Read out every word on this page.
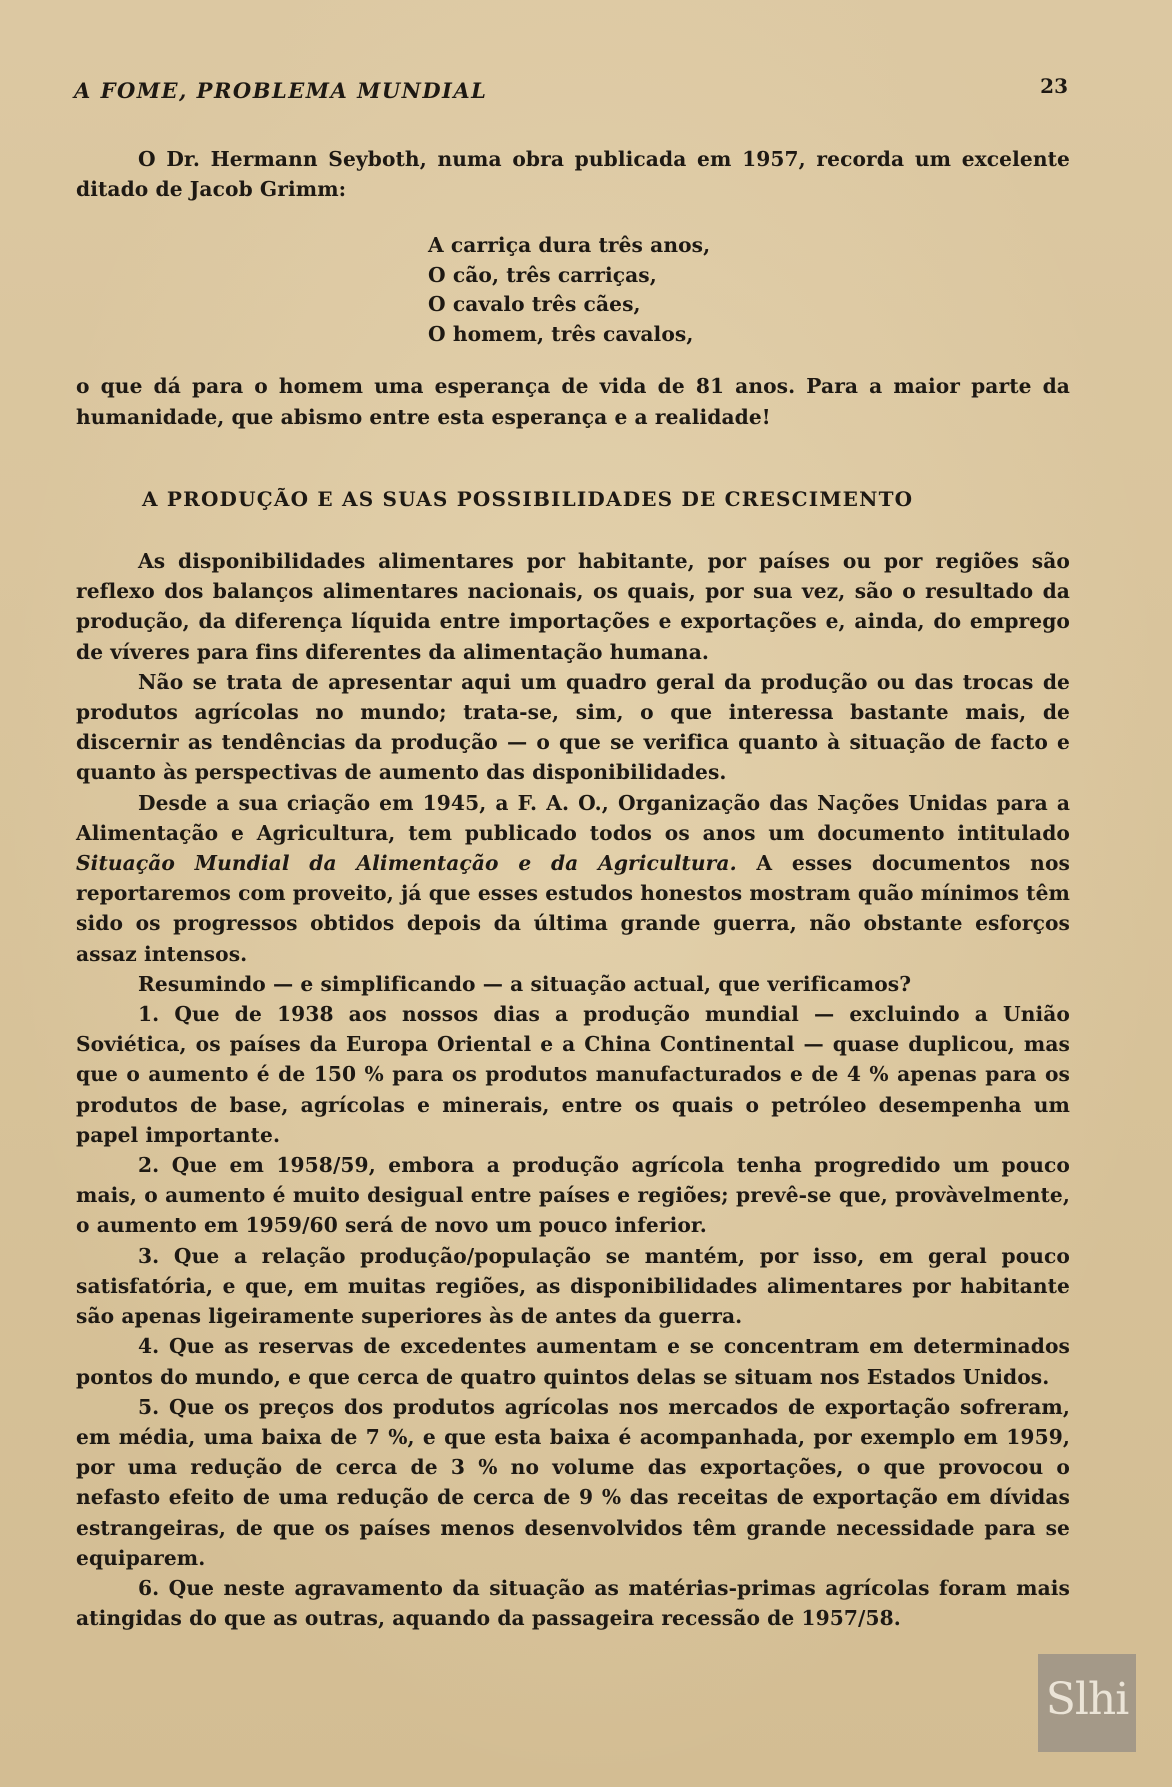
A FOME, PROBLEMA MUNDIAL	23

O Dr. Hermann Seyboth, numa obra publicada em 1957, recorda um excelente ditado de Jacob Grimm:

A carriça dura três anos,
O cão, três carriças,
O cavalo três cães,
O homem, três cavalos,

o que dá para o homem uma esperança de vida de 81 anos. Para a maior parte da humanidade, que abismo entre esta esperança e a realidade!

A PRODUÇÃO E AS SUAS POSSIBILIDADES DE CRESCIMENTO

As disponibilidades alimentares por habitante, por países ou por regiões são reflexo dos balanços alimentares nacionais, os quais, por sua vez, são o resultado da produção, da diferença líquida entre importações e exportações e, ainda, do emprego de víveres para fins diferentes da alimentação humana.

Não se trata de apresentar aqui um quadro geral da produção ou das trocas de produtos agrícolas no mundo; trata-se, sim, o que interessa bastante mais, de discernir as tendências da produção — o que se verifica quanto à situação de facto e quanto às perspectivas de aumento das disponibilidades.

Desde a sua criação em 1945, a F. A. O., Organização das Nações Unidas para a Alimentação e Agricultura, tem publicado todos os anos um documento intitulado Situação Mundial da Alimentação e da Agricultura. A esses documentos nos reportaremos com proveito, já que esses estudos honestos mostram quão mínimos têm sido os progressos obtidos depois da última grande guerra, não obstante esforços assaz intensos.

Resumindo — e simplificando — a situação actual, que verificamos?

1. Que de 1938 aos nossos dias a produção mundial — excluindo a União Soviética, os países da Europa Oriental e a China Continental — quase duplicou, mas que o aumento é de 150 % para os produtos manufacturados e de 4 % apenas para os produtos de base, agrícolas e minerais, entre os quais o petróleo desempenha um papel importante.

2. Que em 1958/59, embora a produção agrícola tenha progredido um pouco mais, o aumento é muito desigual entre países e regiões; prevê-se que, provàvelmente, o aumento em 1959/60 será de novo um pouco inferior.

3. Que a relação produção/população se mantém, por isso, em geral pouco satisfatória, e que, em muitas regiões, as disponibilidades alimentares por habitante são apenas ligeiramente superiores às de antes da guerra.

4. Que as reservas de excedentes aumentam e se concentram em determinados pontos do mundo, e que cerca de quatro quintos delas se situam nos Estados Unidos.

5. Que os preços dos produtos agrícolas nos mercados de exportação sofreram, em média, uma baixa de 7 %, e que esta baixa é acompanhada, por exemplo em 1959, por uma redução de cerca de 3 % no volume das exportações, o que provocou o nefasto efeito de uma redução de cerca de 9 % das receitas de exportação em dívidas estrangeiras, de que os países menos desenvolvidos têm grande necessidade para se equiparem.

6. Que neste agravamento da situação as matérias-primas agrícolas foram mais atingidas do que as outras, aquando da passageira recessão de 1957/58.

Slhi
